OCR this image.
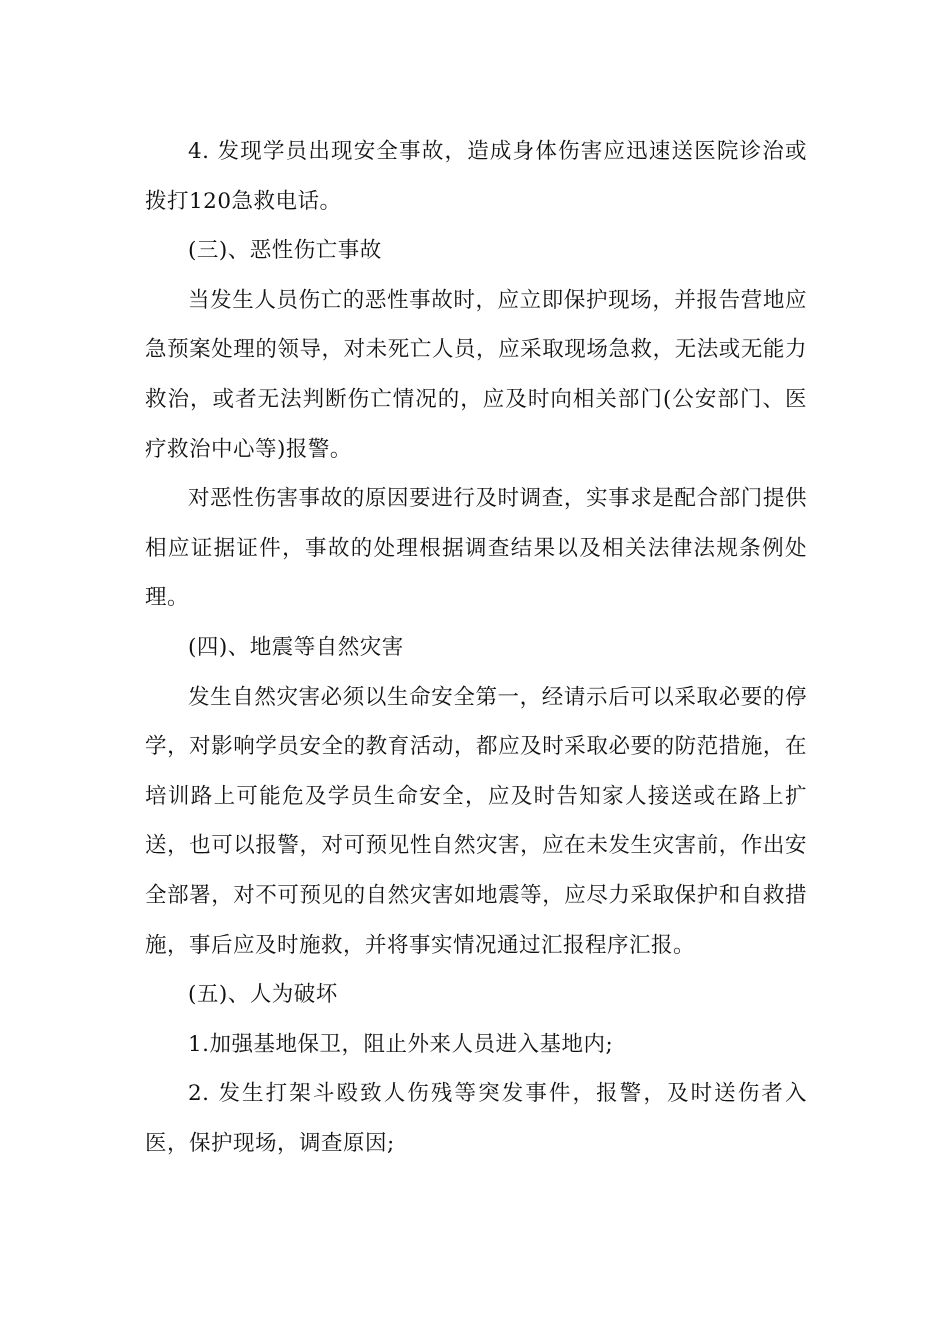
4. 发现学员出现安全事故，造成身体伤害应迅速送医院诊治或拨打120急救电话。

(三)、恶性伤亡事故

当发生人员伤亡的恶性事故时，应立即保护现场，并报告营地应急预案处理的领导，对未死亡人员，应采取现场急救，无法或无能力救治，或者无法判断伤亡情况的，应及时向相关部门(公安部门、医疗救治中心等)报警。

对恶性伤害事故的原因要进行及时调查，实事求是配合部门提供相应证据证件，事故的处理根据调查结果以及相关法律法规条例处理。

(四)、地震等自然灾害

发生自然灾害必须以生命安全第一，经请示后可以采取必要的停学，对影响学员安全的教育活动，都应及时采取必要的防范措施，在培训路上可能危及学员生命安全，应及时告知家人接送或在路上扩送，也可以报警，对可预见性自然灾害，应在未发生灾害前，作出安全部署，对不可预见的自然灾害如地震等，应尽力采取保护和自救措施，事后应及时施救，并将事实情况通过汇报程序汇报。

(五)、人为破坏

1.加强基地保卫，阻止外来人员进入基地内;

2. 发生打架斗殴致人伤残等突发事件，报警，及时送伤者入医，保护现场，调查原因;
